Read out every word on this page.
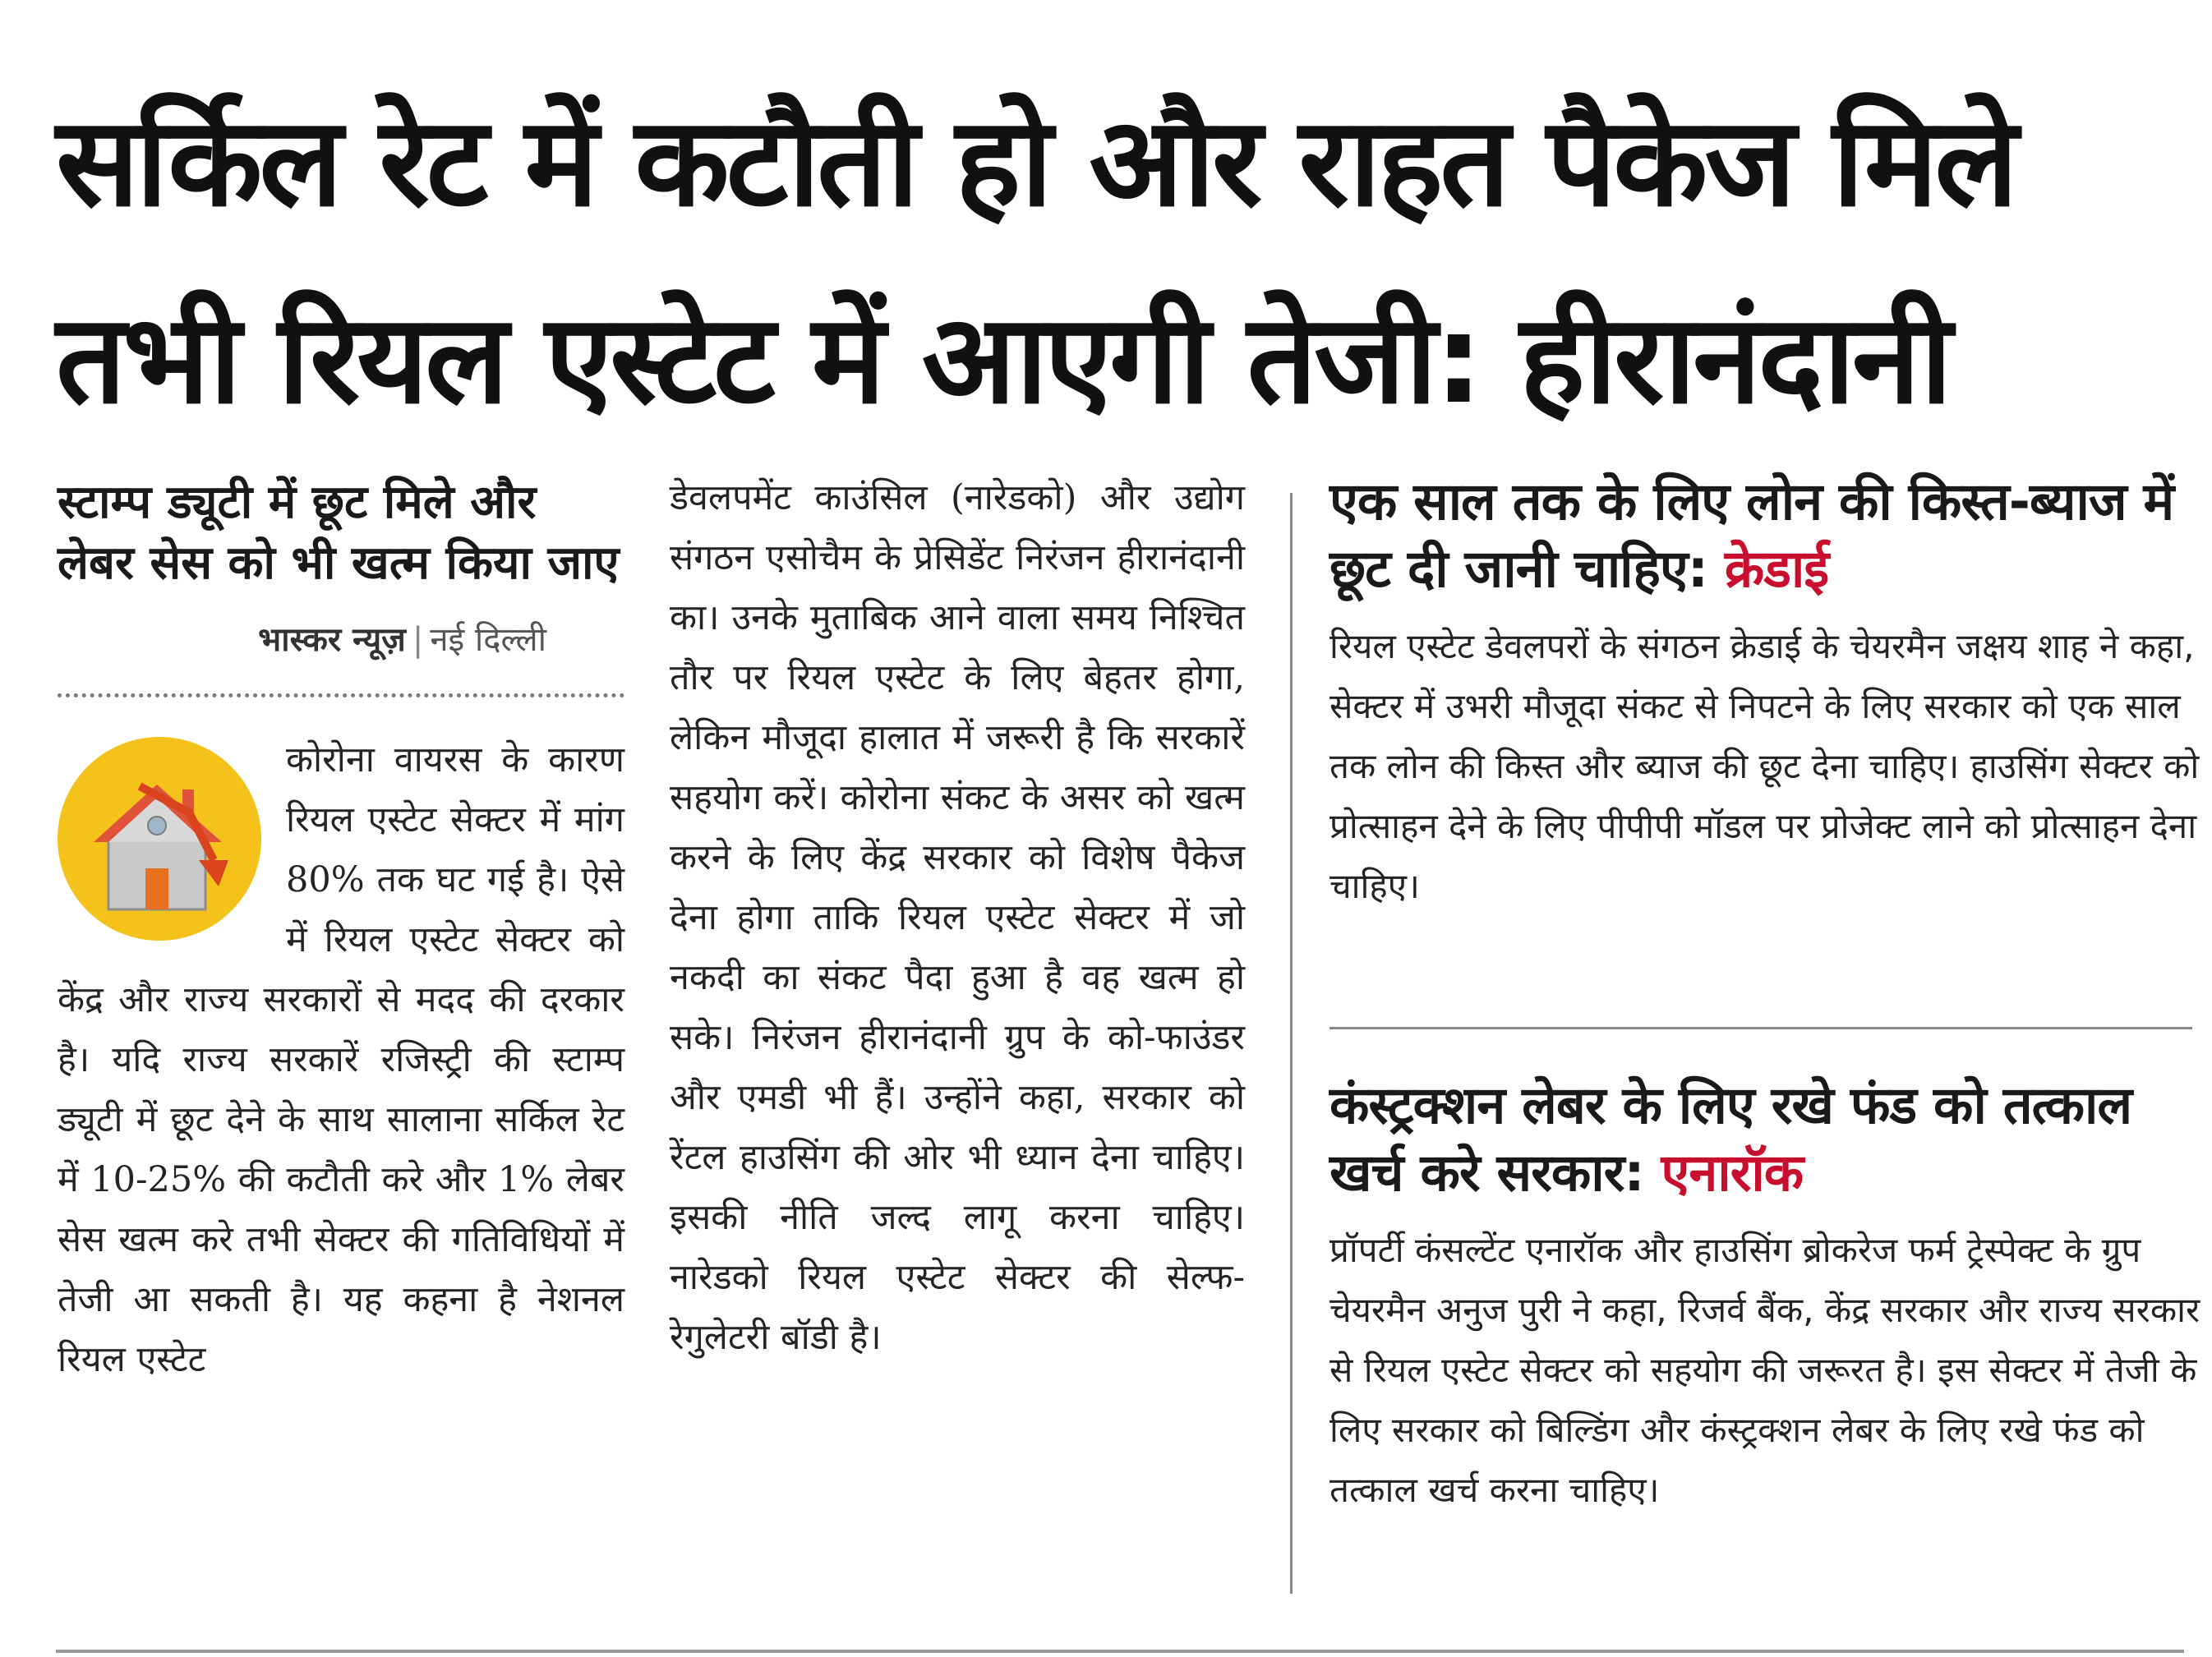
सर्किल रेट में कटौती हो और राहत पैकेज मिले
तभी रियल एस्टेट में आएगी तेजी: हीरानंदानी
स्टाम्प ड्यूटी में छूट मिले और लेबर सेस को भी खत्म किया जाए
भास्कर न्यूज़ | नई दिल्ली

कोरोना वायरस के कारण रियल एस्टेट सेक्टर में मांग 80% तक घट गई है। ऐसे में रियल एस्टेट सेक्टर को केंद्र और राज्य सरकारों से मदद की दरकार है। यदि राज्य सरकारें रजिस्ट्री की स्टाम्प ड्यूटी में छूट देने के साथ सालाना सर्किल रेट में 10-25% की कटौती करे और 1% लेबर सेस खत्म करे तभी सेक्टर की गतिविधियों में तेजी आ सकती है। यह कहना है नेशनल रियल एस्टेट

डेवलपमेंट काउंसिल (नारेडको) और उद्योग संगठन एसोचैम के प्रेसिडेंट निरंजन हीरानंदानी का। उनके मुताबिक आने वाला समय निश्चित तौर पर रियल एस्टेट के लिए बेहतर होगा, लेकिन मौजूदा हालात में जरूरी है कि सरकारें सहयोग करें। कोरोना संकट के असर को खत्म करने के लिए केंद्र सरकार को विशेष पैकेज देना होगा ताकि रियल एस्टेट सेक्टर में जो नकदी का संकट पैदा हुआ है वह खत्म हो सके। निरंजन हीरानंदानी ग्रुप के को-फाउंडर और एमडी भी हैं। उन्होंने कहा, सरकार को रेंटल हाउसिंग की ओर भी ध्यान देना चाहिए। इसकी नीति जल्द लागू करना चाहिए। नारेडको रियल एस्टेट सेक्टर की सेल्फ-रेगुलेटरी बॉडी है।

एक साल तक के लिए लोन की किस्त-ब्याज में छूट दी जानी चाहिए: क्रेडाई

रियल एस्टेट डेवलपरों के संगठन क्रेडाई के चेयरमैन जक्षय शाह ने कहा, सेक्टर में उभरी मौजूदा संकट से निपटने के लिए सरकार को एक साल तक लोन की किस्त और ब्याज की छूट देना चाहिए। हाउसिंग सेक्टर को प्रोत्साहन देने के लिए पीपीपी मॉडल पर प्रोजेक्ट लाने को प्रोत्साहन देना चाहिए।

कंस्ट्रक्शन लेबर के लिए रखे फंड को तत्काल खर्च करे सरकार: एनारॉक

प्रॉपर्टी कंसल्टेंट एनारॉक और हाउसिंग ब्रोकरेज फर्म ट्रेस्पेक्ट के ग्रुप चेयरमैन अनुज पुरी ने कहा, रिजर्व बैंक, केंद्र सरकार और राज्य सरकार से रियल एस्टेट सेक्टर को सहयोग की जरूरत है। इस सेक्टर में तेजी के लिए सरकार को बिल्डिंग और कंस्ट्रक्शन लेबर के लिए रखे फंड को तत्काल खर्च करना चाहिए।
